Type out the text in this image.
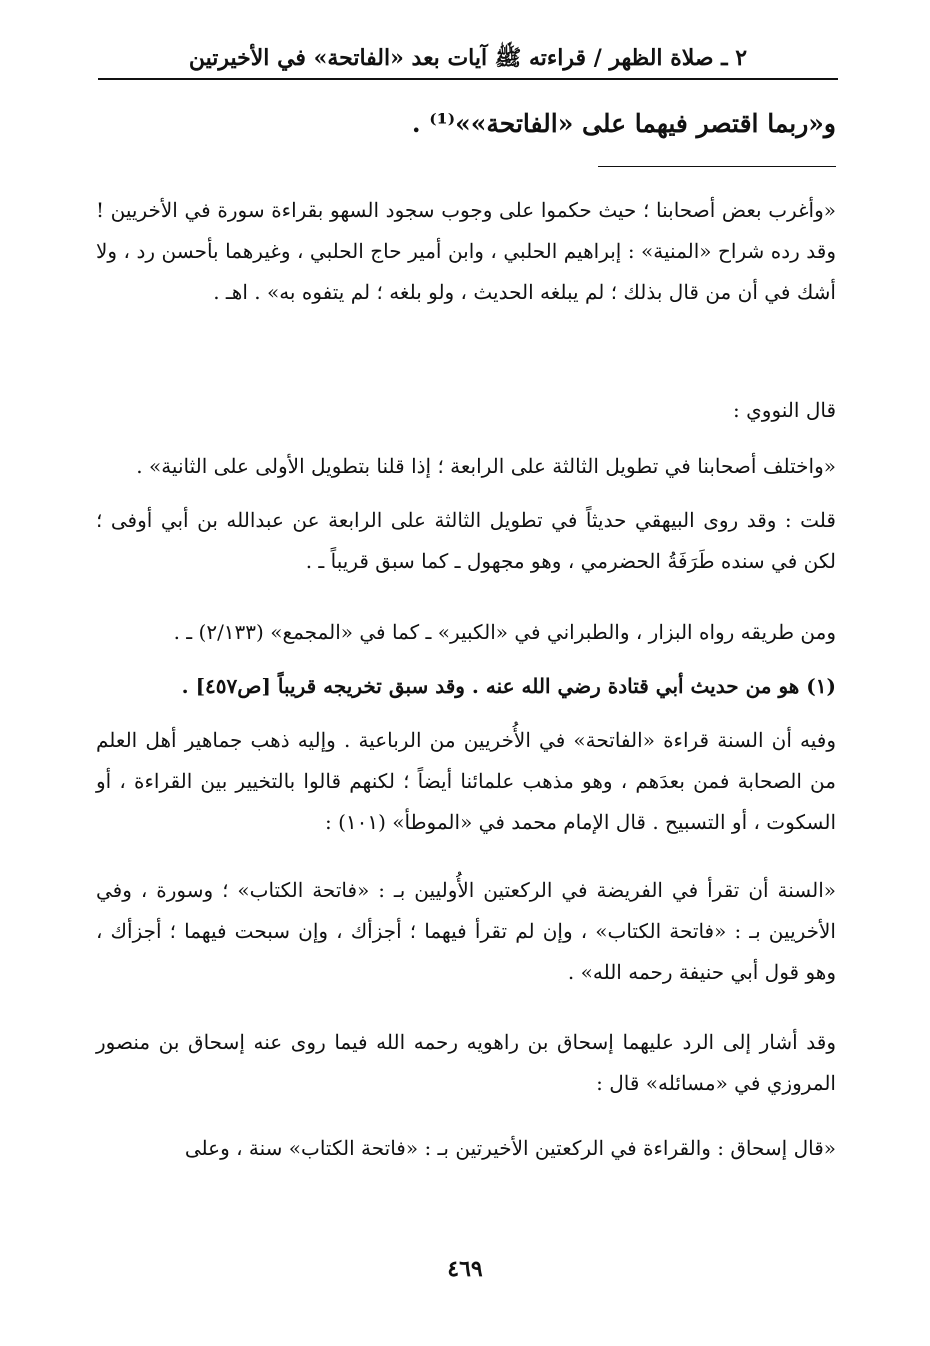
٢ ـ صلاة الظهر / قراءته ﷺ آيات بعد «الفاتحة» في الأخيرتين
و«ربما اقتصر فيهما على «الفاتحة»»⁽¹⁾ .
«وأغرب بعض أصحابنا ؛ حيث حكموا على وجوب سجود السهو بقراءة سورة في الأخريين ! وقد رده شراح «المنية» : إبراهيم الحلبي ، وابن أمير حاج الحلبي ، وغيرهما بأحسن رد ، ولا أشك في أن من قال بذلك ؛ لم يبلغه الحديث ، ولو بلغه ؛ لم يتفوه به» . اهـ .
قال النووي :
«واختلف أصحابنا في تطويل الثالثة على الرابعة ؛ إذا قلنا بتطويل الأولى على الثانية» .
قلت : وقد روى البيهقي حديثاً في تطويل الثالثة على الرابعة عن عبدالله بن أبي أوفى ؛ لكن في سنده طَرَفَةُ الحضرمي ، وهو مجهول ـ كما سبق قريباً ـ .
ومن طريقه رواه البزار ، والطبراني في «الكبير» ـ كما في «المجمع» (٢/١٣٣) ـ .
(١) هو من حديث أبي قتادة رضي الله عنه . وقد سبق تخريجه قريباً [ص٤٥٧] .
وفيه أن السنة قراءة «الفاتحة» في الأُخريين من الرباعية . وإليه ذهب جماهير أهل العلم من الصحابة فمن بعدَهم ، وهو مذهب علمائنا أيضاً ؛ لكنهم قالوا بالتخيير بين القراءة ، أو السكوت ، أو التسبيح . قال الإمام محمد في «الموطأ» (١٠١) :
«السنة أن تقرأ في الفريضة في الركعتين الأُوليين بـ : «فاتحة الكتاب» ؛ وسورة ، وفي الأخريين بـ : «فاتحة الكتاب» ، وإن لم تقرأ فيهما ؛ أجزأك ، وإن سبحت فيهما ؛ أجزأك ، وهو قول أبي حنيفة رحمه الله» .
وقد أشار إلى الرد عليهما إسحاق بن راهويه رحمه الله فيما روى عنه إسحاق بن منصور المروزي في «مسائله» قال :
«قال إسحاق : والقراءة في الركعتين الأخيرتين بـ : «فاتحة الكتاب» سنة ، وعلى
٤٦٩
